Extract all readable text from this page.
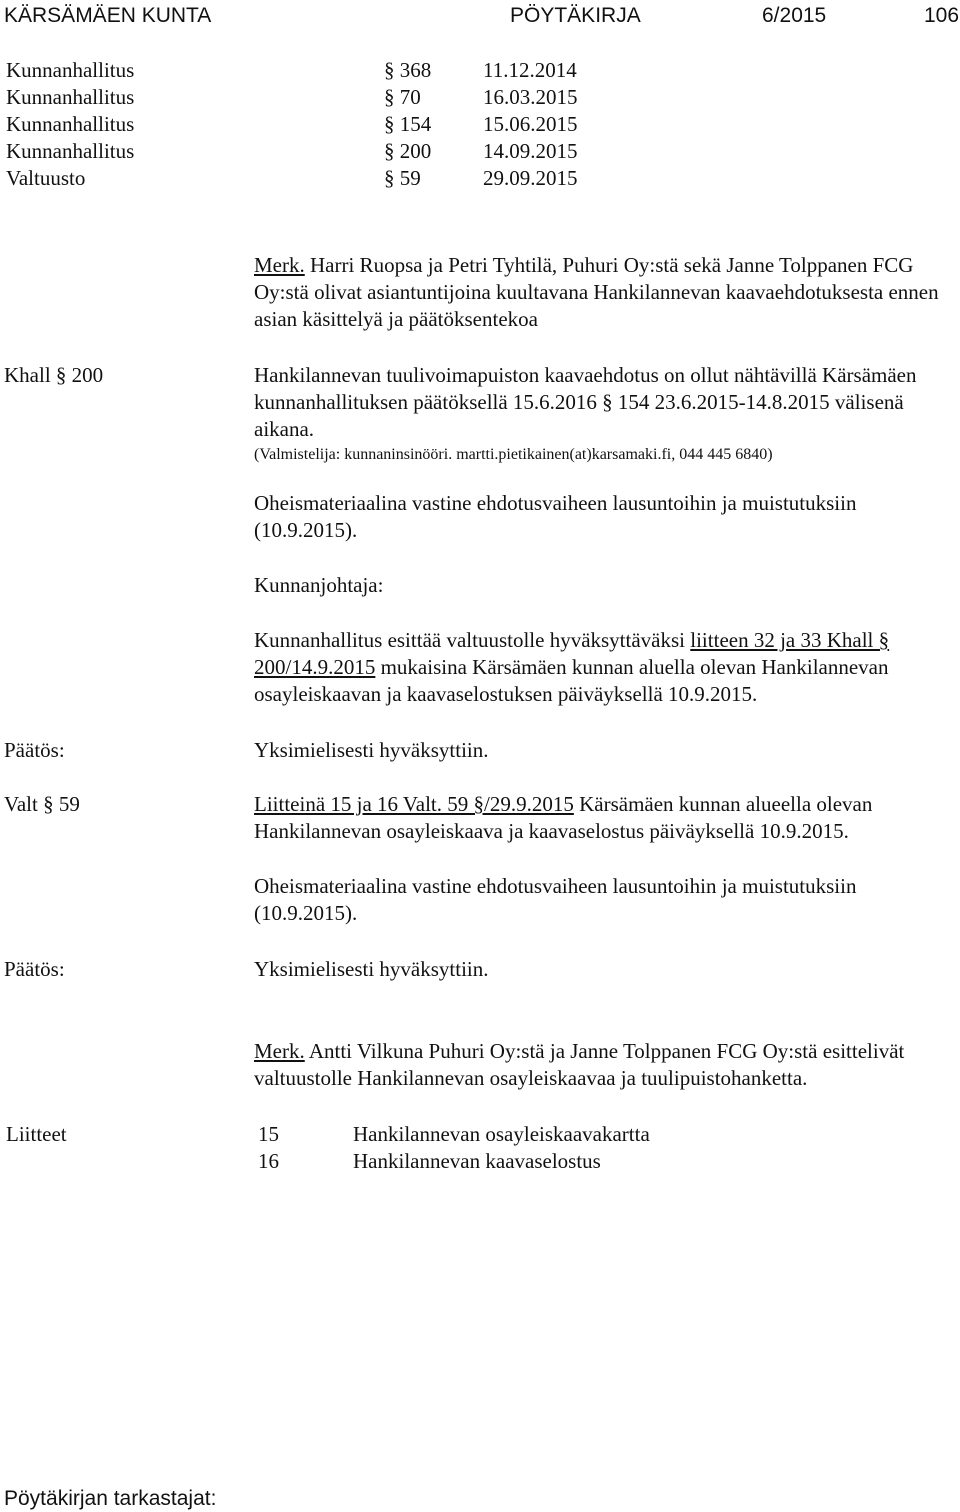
KÄRSÄMÄEN KUNTA	PÖYTÄKIRJA	6/2015	106
Kunnanhallitus	§ 368 11.12.2014
Kunnanhallitus	§ 70	16.03.2015
Kunnanhallitus	§ 154 15.06.2015
Kunnanhallitus	§ 200 14.09.2015
Valtuusto	§ 59	29.09.2015

Merk. Harri Ruopsa ja Petri Tyhtilä, Puhuri Oy:stä sekä Janne Tolppanen FCG Oy:stä olivat asiantuntijoina kuultavana Hankilannevan kaavaehdotuksesta ennen asian käsittelyä ja päätöksentekoa

Khall § 200	Hankilannevan tuulivoimapuiston kaavaehdotus on ollut nähtävillä Kärsämäen kunnanhallituksen päätöksellä 15.6.2016 § 154 23.6.2015-14.8.2015 välisenä aikana.

(Valmistelija: kunnaninsinööri. martti.pietikainen(at)karsamaki.fi, 044 445 6840)

Oheismateriaalina vastine ehdotusvaiheen lausuntoihin ja muistutuksiin (10.9.2015).
Kunnanjohtaja:

Kunnanhallitus esittää valtuustolle hyväksyttäväksi liitteen 32 ja 33 Khall § 200/14.9.2015 mukaisina Kärsämäen kunnan aluella olevan Hankilannevan osayleiskaavan ja kaavaselostuksen päiväyksellä 10.9.2015.

Päätös:	Yksimielisesti hyväksyttiin.
Valt § 59	Liitteinä 15 ja 16 Valt. 59 §/29.9.2015 Kärsämäen kunnan alueella olevan Hankilannevan osayleiskaava ja kaavaselostus päiväyksellä 10.9.2015.

Oheismateriaalina vastine ehdotusvaiheen lausuntoihin ja muistutuksiin (10.9.2015).
Päätös:	Yksimielisesti hyväksyttiin.

Merk. Antti Vilkuna Puhuri Oy:stä ja Janne Tolppanen FCG Oy:stä esittelivät valtuustolle Hankilannevan osayleiskaavaa ja tuulipuistohanketta.

Liitteet	15	Hankilannevan osayleiskaavakartta
16	Hankilannevan kaavaselostus
Pöytäkirjan tarkastajat:
